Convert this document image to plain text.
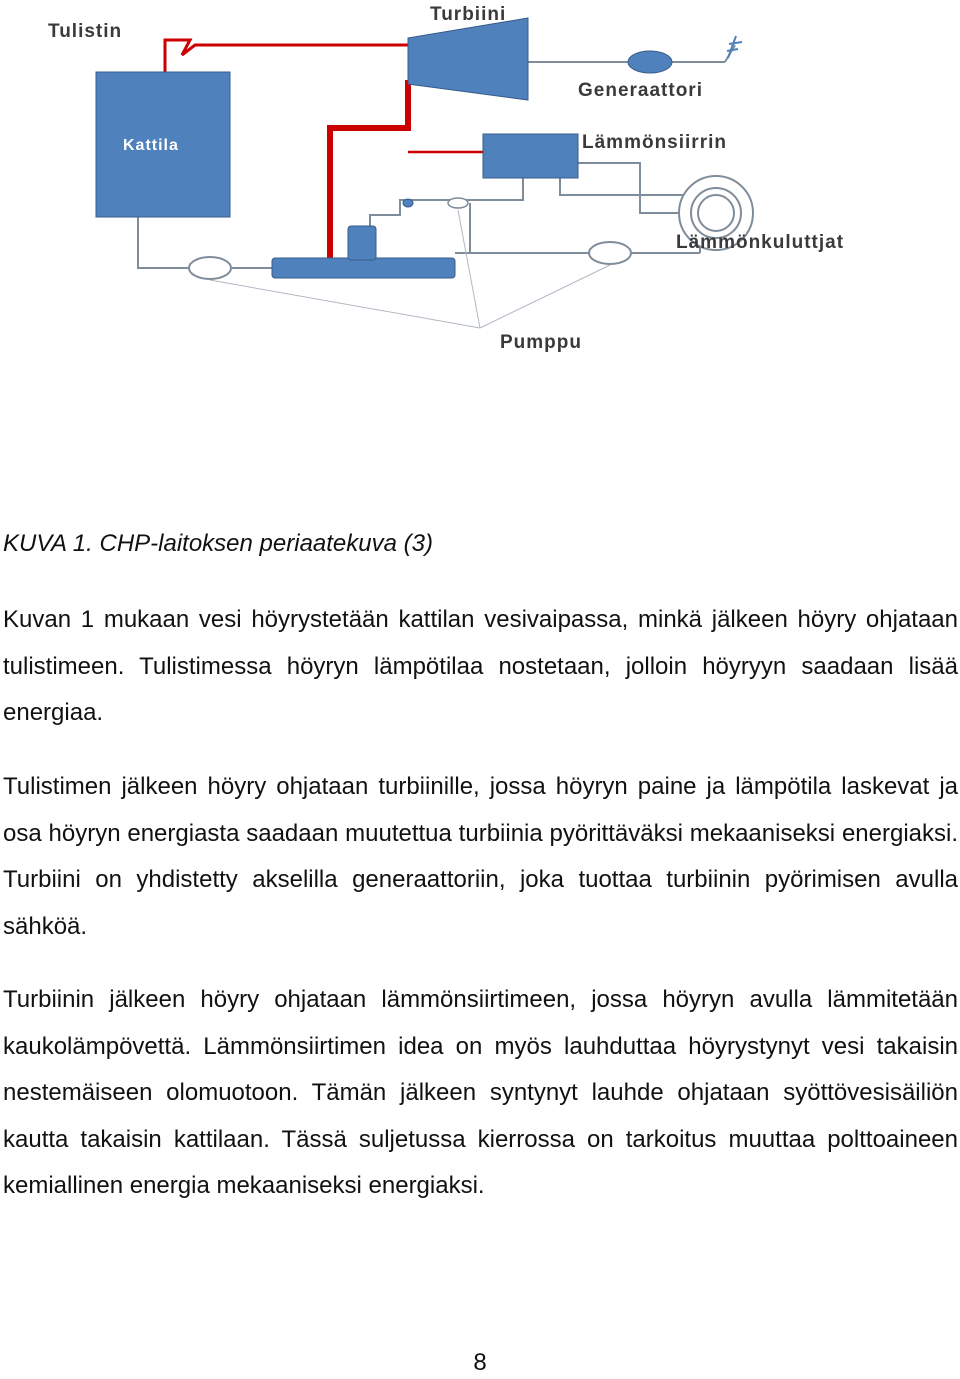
Tulistin
Turbiini
Generaattori
Kattila	Lämmönsiirrin
Lämmönkuluttjat
Pumppu

KUVA 1. CHP-laitoksen periaatekuva (3)

Kuvan 1 mukaan vesi höyrystetään kattilan vesivaipassa, minkä jälkeen höyry ohjataan tulistimeen. Tulistimessa höyryn lämpötilaa nostetaan, jolloin höyryyn saadaan lisää energiaa.

Tulistimen jälkeen höyry ohjataan turbiinille, jossa höyryn paine ja lämpötila laskevat ja osa höyryn energiasta saadaan muutettua turbiinia pyörittäväksi mekaaniseksi energiaksi. Turbiini on yhdistetty akselilla generaattoriin, joka tuottaa turbiinin pyörimisen avulla sähköä.

Turbiinin jälkeen höyry ohjataan lämmönsiirtimeen, jossa höyryn avulla lämmitetään kaukolämpövettä. Lämmönsiirtimen idea on myös lauhduttaa höyrystynyt vesi takaisin nestemäiseen olomuotoon. Tämän jälkeen syntynyt lauhde ohjataan syöttövesisäiliön kautta takaisin kattilaan. Tässä suljetussa kierrossa on tarkoitus muuttaa polttoaineen kemiallinen energia mekaaniseksi energiaksi.

8
